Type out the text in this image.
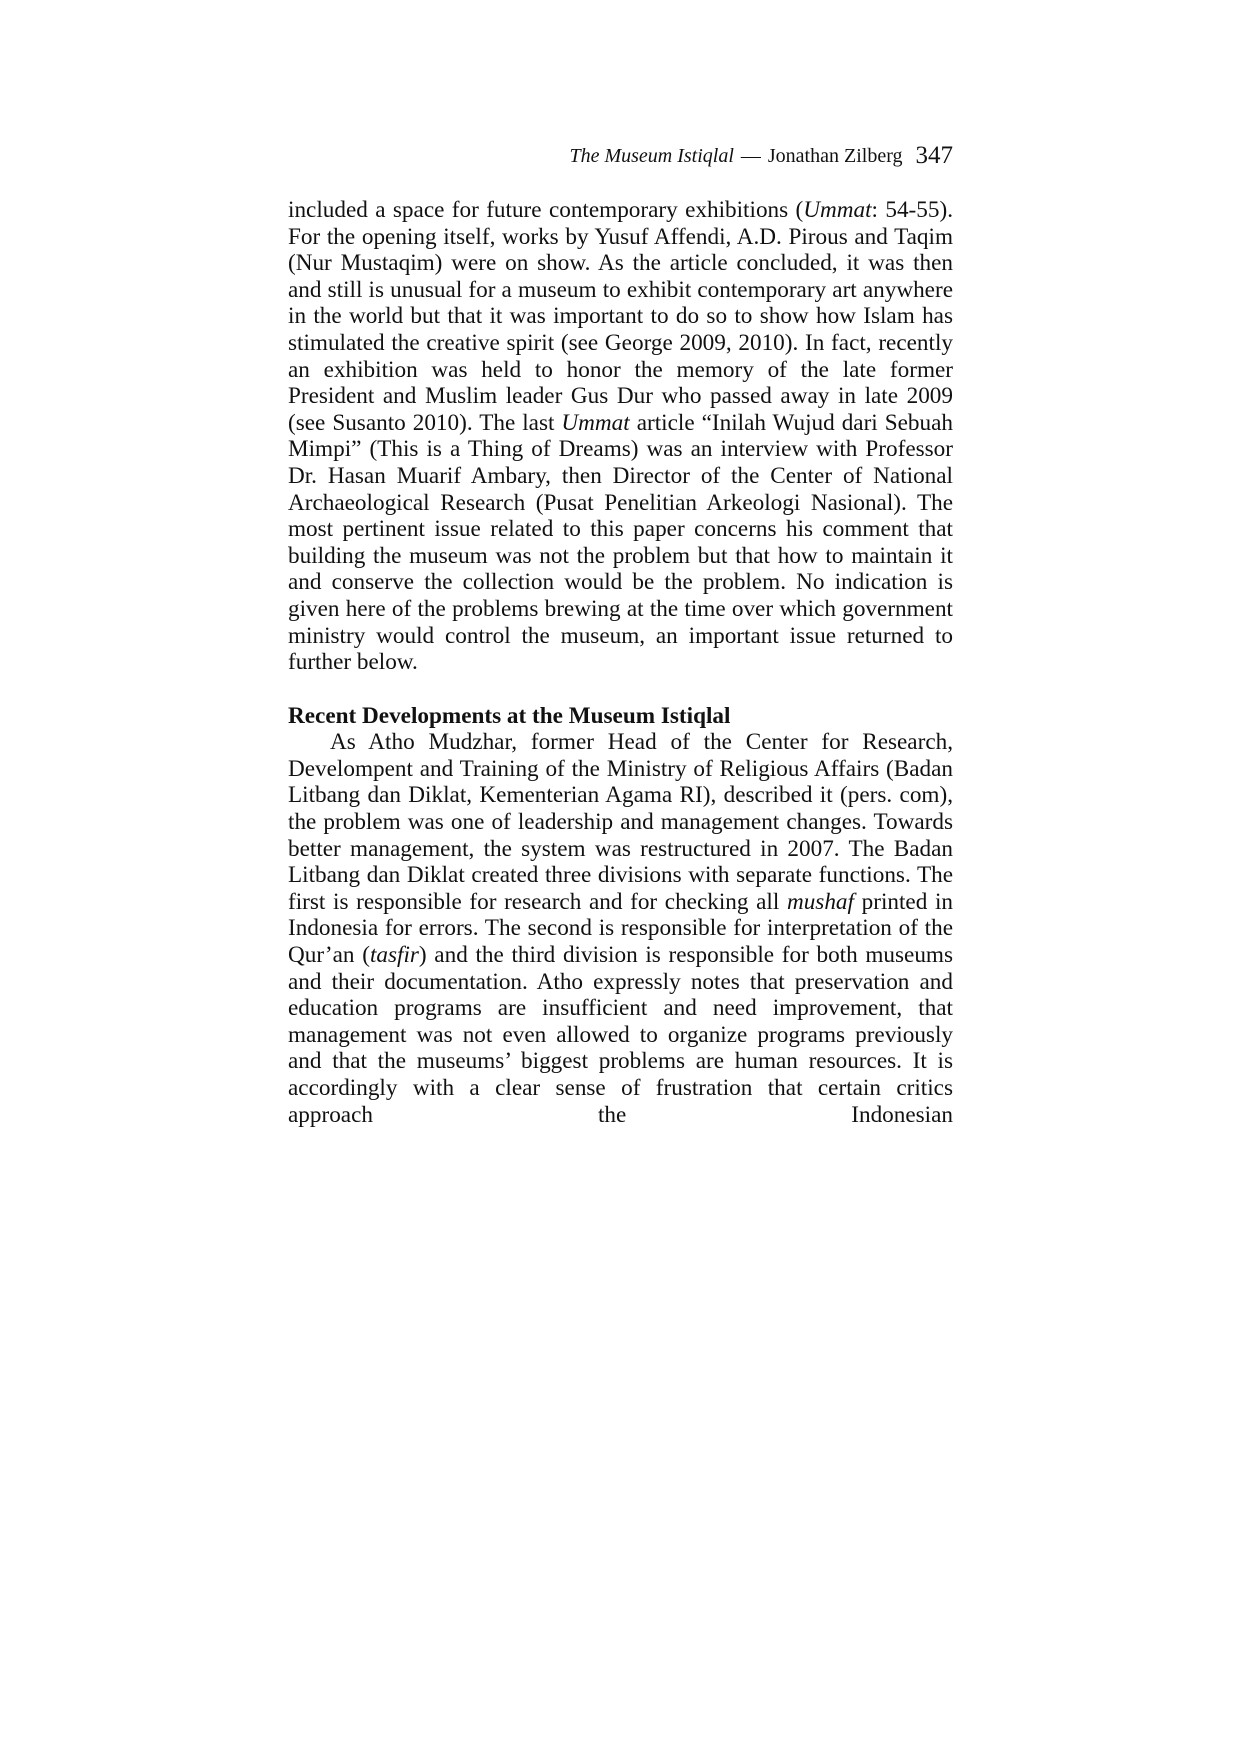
The Museum Istiqlal — Jonathan Zilberg 347

included a space for future contemporary exhibitions (Ummat: 54-55). For the opening itself, works by Yusuf Affendi, A.D. Pirous and Taqim (Nur Mustaqim) were on show. As the article concluded, it was then and still is unusual for a museum to exhibit contemporary art anywhere in the world but that it was important to do so to show how Islam has stimulated the creative spirit (see George 2009, 2010). In fact, recently an exhibition was held to honor the memory of the late former President and Muslim leader Gus Dur who passed away in late 2009 (see Susanto 2010). The last Ummat article “Inilah Wujud dari Sebuah Mimpi” (This is a Thing of Dreams) was an interview with Professor Dr. Hasan Muarif Ambary, then Director of the Center of National Archaeological Research (Pusat Penelitian Arkeologi Nasional). The most pertinent issue related to this paper concerns his comment that building the museum was not the problem but that how to maintain it and conserve the collection would be the problem. No indication is given here of the problems brewing at the time over which government ministry would control the museum, an important issue returned to further below.

Recent Developments at the Museum Istiqlal

As Atho Mudzhar, former Head of the Center for Research, Develompent and Training of the Ministry of Religious Affairs (Badan Litbang dan Diklat, Kementerian Agama RI), described it (pers. com), the problem was one of leadership and management changes. Towards better management, the system was restructured in 2007. The Badan Litbang dan Diklat created three divisions with separate functions. The first is responsible for research and for checking all mushaf printed in Indonesia for errors. The second is responsible for interpretation of the Qur’an (tasfir) and the third division is responsible for both museums and their documentation. Atho expressly notes that preservation and education programs are insufficient and need improvement, that management was not even allowed to organize programs previously and that the museums’ biggest problems are human resources. It is accordingly with a clear sense of frustration that certain critics approach the Indonesian
